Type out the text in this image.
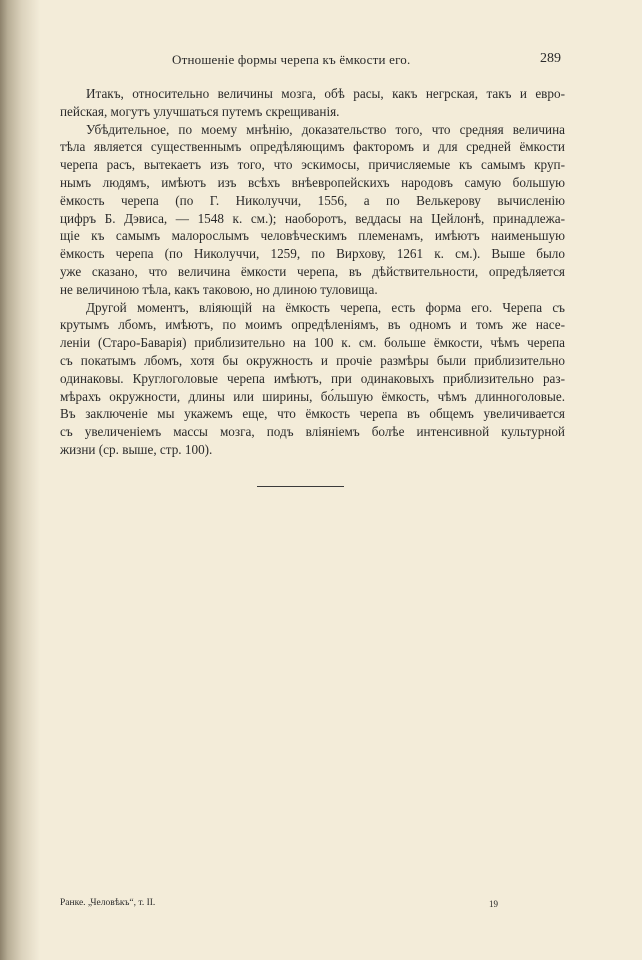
Отношеніе формы черепа къ ёмкости его.	289
Итакъ, относительно величины мозга, обѣ расы, какъ негрская, такъ и евро-
пейская, могутъ улучшаться путемъ скрещиванія.
Убѣдительное, по моему мнѣнію, доказательство того, что средняя величина
тѣла является существеннымъ опредѣляющимъ факторомъ и для средней ёмкости
черепа расъ, вытекаетъ изъ того, что эскимосы, причисляемые къ самымъ круп-
нымъ людямъ, имѣютъ изъ всѣхъ внѣевропейскихъ народовъ самую большую
ёмкость черепа (по Г. Николуччи, 1556, а по Велькерову вычисленію
цифръ Б. Дэвиса, — 1548 к. см.); наоборотъ, веддасы на Цейлонѣ, принадлежа-
щіе къ самымъ малорослымъ человѣческимъ племенамъ, имѣютъ наименьшую
ёмкость черепа (по Николуччи, 1259, по Вирхову, 1261 к. см.). Выше было
уже сказано, что величина ёмкости черепа, въ дѣйствительности, опредѣляется
не величиною тѣла, какъ таковою, но длиною туловища.
Другой моментъ, вліяющій на ёмкость черепа, есть форма его. Черепа съ
крутымъ лбомъ, имѣютъ, по моимъ опредѣленіямъ, въ одномъ и томъ же насе-
леніи (Старо-Баварія) приблизительно на 100 к. см. больше ёмкости, чѣмъ черепа
съ покатымъ лбомъ, хотя бы окружность и прочіе размѣры были приблизительно
одинаковы. Круглоголовые черепа имѣютъ, при одинаковыхъ приблизительно раз-
мѣрахъ окружности, длины или ширины, бо́льшую ёмкость, чѣмъ длинноголовые.
Въ заключеніе мы укажемъ еще, что ёмкость черепа въ общемъ увеличивается
съ увеличеніемъ массы мозга, подъ вліяніемъ болѣе интенсивной культурной
жизни (ср. выше, стр. 100).
Ранке. „Человѣкъ“, т. II.	19
